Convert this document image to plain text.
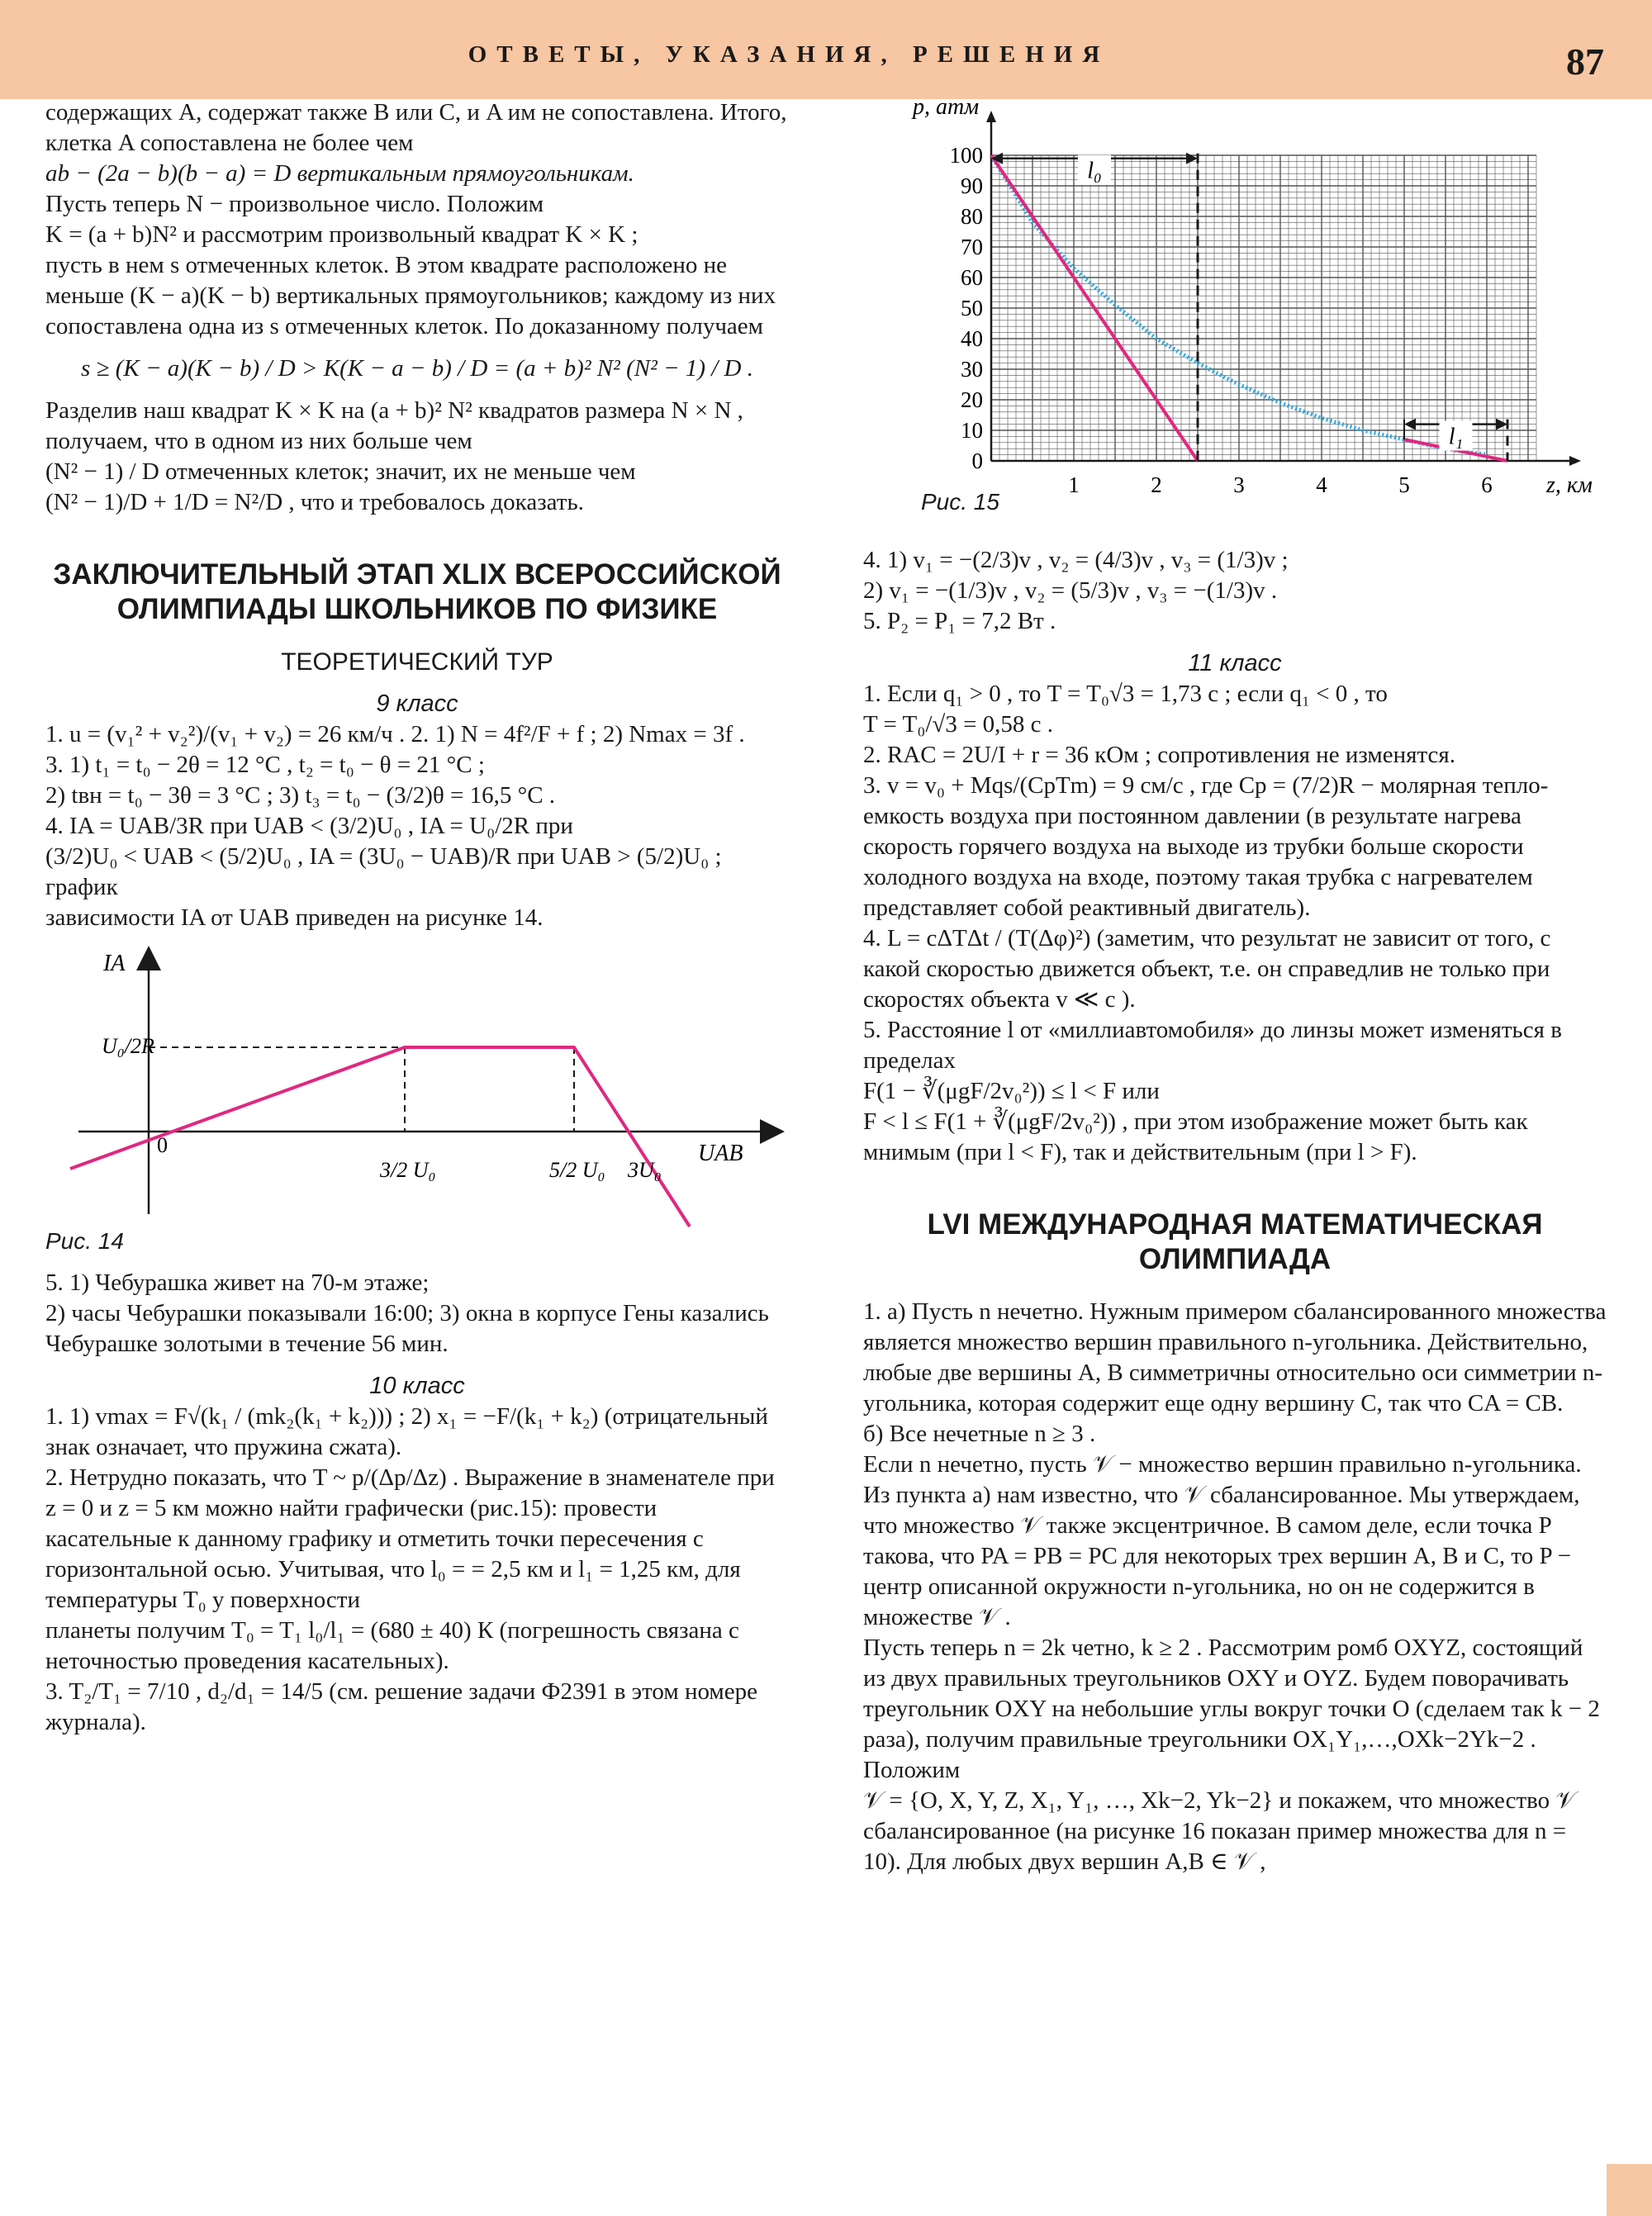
ОТВЕТЫ, УКАЗАНИЯ, РЕШЕНИЯ	87

содержащих A, содержат также B или C, и A им не сопоставлена. Итого, клетка A сопоставлена не более чем

ab − (2a − b)(b − a) = D вертикальным прямоугольникам.

Пусть теперь N − произвольное число. Положим

K = (a + b)N² и рассмотрим произвольный квадрат K × K ;

пусть в нем s отмеченных клеток. В этом квадрате расположено не меньше (K − a)(K − b) вертикальных прямоугольников; каждому из них сопоставлена одна из s отмеченных клеток. По доказанному получаем

s ≥ (K − a)(K − b) / D > K(K − a − b) / D = (a + b)² N² (N² − 1) / D .

Разделив наш квадрат K × K на (a + b)² N² квадратов размера N × N , получаем, что в одном из них больше чем

(N² − 1) / D отмеченных клеток; значит, их не меньше чем

(N² − 1)/D + 1/D = N²/D , что и требовалось доказать.

ЗАКЛЮЧИТЕЛЬНЫЙ ЭТАП XLIX ВСЕРОССИЙСКОЙ

ОЛИМПИАДЫ ШКОЛЬНИКОВ ПО ФИЗИКЕ

ТЕОРЕТИЧЕСКИЙ ТУР

9 класс

1. u = (v₁² + v₂²)/(v₁ + v₂) = 26 км/ч . 2. 1) N = 4f²/F + f ; 2) Nmax = 3f .

3. 1) t₁ = t₀ − 2θ = 12 °C , t₂ = t₀ − θ = 21 °C ;

2) tвн = t₀ − 3θ = 3 °C ; 3) t₃ = t₀ − (3/2)θ = 16,5 °C .

4. IA = UAB/3R при UAB < (3/2)U₀ , IA = U₀/2R при

(3/2)U₀ < UAB < (5/2)U₀ , IA = (3U₀ − UAB)/R при UAB > (5/2)U₀ ; график

зависимости IA от UAB приведен на рисунке 14.

IA
U₀/2R
0
3/2 U₀	5/2 U₀ 3U₀
UAB

Рис. 14

5. 1) Чебурашка живет на 70-м этаже;

2) часы Чебурашки показывали 16:00; 3) окна в корпусе Гены казались Чебурашке золотыми в течение 56 мин.

10 класс

1. 1) vmax = F√(k₁ / (mk₂(k₁ + k₂))) ; 2) x₁ = −F/(k₁ + k₂) (отрицательный

знак означает, что пружина сжата).

2. Нетрудно показать, что T ~ p/(Δp/Δz) . Выражение в знаменателе при z = 0 и z = 5 км можно найти графически (рис.15): провести касательные к данному графику и отметить точки пересечения с горизонтальной осью. Учитывая, что l₀ = = 2,5 км и l₁ = 1,25 км, для температуры T₀ у поверхности

планеты получим T₀ = T₁ l₀/l₁ = (680 ± 40) К (погрешность связана с неточностью проведения касательных).

3. T₂/T₁ = 7/10 , d₂/d₁ = 14/5 (см. решение задачи Ф2391 в этом номере журнала).

l₀
l₁
0
10
20
30
40
50
60
70
80
90
100
1	2	3	4	5	6
p, атм
z, км
Рис. 15

4. 1) v₁ = −(2/3)v , v₂ = (4/3)v , v₃ = (1/3)v ;

2) v₁ = −(1/3)v , v₂ = (5/3)v , v₃ = −(1/3)v .

5. P₂ = P₁ = 7,2 Вт .

11 класс

1. Если q₁ > 0 , то T = T₀√3 = 1,73 с ; если q₁ < 0 , то

T = T₀/√3 = 0,58 с .

2. RAC = 2U/I + r = 36 кОм ; сопротивления не изменятся.

3. v = v₀ + Mqs/(CpTm) = 9 см/с , где Cp = (7/2)R − молярная тепло-

емкость воздуха при постоянном давлении (в результате нагрева скорость горячего воздуха на выходе из трубки больше скорости холодного воздуха на входе, поэтому такая трубка с нагревателем представляет собой реактивный двигатель).

4. L = cΔTΔt / (T(Δφ)²) (заметим, что результат не зависит от того, с какой скоростью движется объект, т.е. он справедлив не только при скоростях объекта v ≪ c ).

5. Расстояние l от «миллиавтомобиля» до линзы может изменяться в пределах

F(1 − ∛(μgF/2v₀²)) ≤ l < F или

F < l ≤ F(1 + ∛(μgF/2v₀²)) , при этом изображение может быть как

мнимым (при l < F), так и действительным (при l > F).

LVI МЕЖДУНАРОДНАЯ МАТЕМАТИЧЕСКАЯ

ОЛИМПИАДА

1. а) Пусть n нечетно. Нужным примером сбалансированного множества является множество вершин правильного n-угольника. Действительно, любые две вершины A, B симметричны относительно оси симметрии n-угольника, которая содержит еще одну вершину C, так что CA = CB.

б) Все нечетные n ≥ 3 .

Если n нечетно, пусть 𝒱 − множество вершин правильно n-угольника. Из пункта а) нам известно, что 𝒱 сбалансированное. Мы утверждаем, что множество 𝒱 также эксцентричное. В самом деле, если точка P такова, что PA = PB = PC для некоторых трех вершин A, B и C, то P − центр описанной окружности n-угольника, но он не содержится в множестве 𝒱 .

Пусть теперь n = 2k четно, k ≥ 2 . Рассмотрим ромб OXYZ, состоящий из двух правильных треугольников OXY и OYZ. Будем поворачивать треугольник OXY на небольшие углы вокруг точки O (сделаем так k − 2 раза), получим правильные треугольники OX₁Y₁,…,OXk−2Yk−2 . Положим

𝒱 = {O, X, Y, Z, X₁, Y₁, …, Xk−2, Yk−2} и покажем, что множество 𝒱 сбалансированное (на рисунке 16 показан пример множества для n = 10). Для любых двух вершин A,B ∈ 𝒱 ,
